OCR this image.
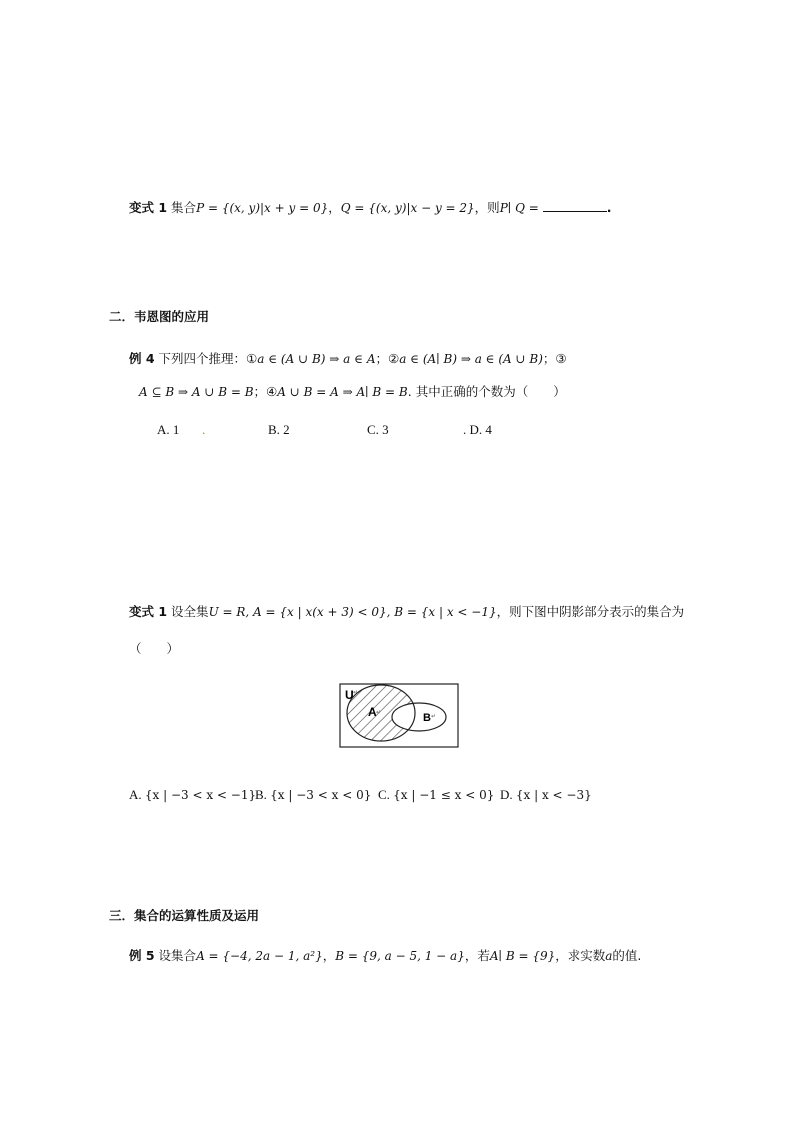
变式 1 集合P = {(x, y)|x + y = 0}，Q = {(x, y)|x − y = 2}，则P∣ Q =	.
二．韦恩图的应用
例 4 下列四个推理：①a ∈ (A ∪ B) ⇒ a ∈ A；②a ∈ (A∣ B) ⇒ a ∈ (A ∪ B)；③
A ⊆ B ⇒ A ∪ B = B；④A ∪ B = A ⇒ A∣ B = B. 其中正确的个数为（　　）
A. 1 .	B. 2	C. 3	. D. 4
变式 1 设全集U = R, A = {x | x(x + 3) < 0}, B = {x | x < −1}，则下图中阴影部分表示的集合为
（　　）
U ↵
A ↵	B ↵
A. {x | −3 < x < −1}
B. {x | −3 < x < 0} C. {x | −1 ≤ x < 0} D. {x | x < −3}
三．集合的运算性质及运用
例 5 设集合A = {−4, 2a − 1, a²}，B = {9, a − 5, 1 − a}，若A∣ B = {9}，求实数a的值.
